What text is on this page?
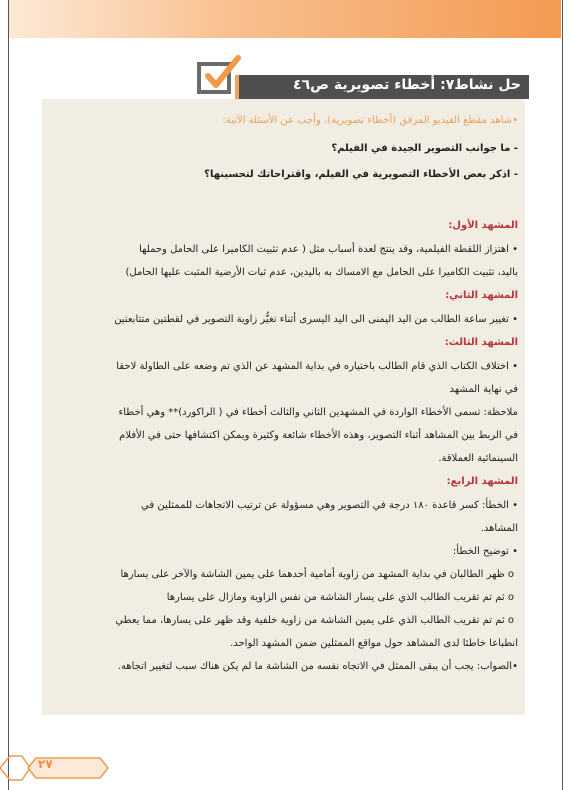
حل نشاط٧: أخطاء تصويرية ص٤٦

•شاهد مقطع الفيديو المرفق (أخطاء تصويرية)، وأجب عن الأسئلة الآتية:

- ما جوانب التصوير الجيدة في الفيلم؟

- اذكر بعض الأخطاء التصويرية في الفيلم، واقتراحاتك لتحسينها؟

المشهد الأول:

• اهتزاز اللقطة الفيلمية، وقد ينتج لعدة أسباب مثل ( عدم تثبيت الكاميرا على الحامل وحملها

باليد، تثبيت الكاميرا على الحامل مع الامساك به باليدين، عدم ثبات الأرضية المثبت عليها الحامل)

المشهد الثاني:

• تغيير ساعة الطالب من اليد اليمنى الى اليد اليسرى أثناء تغيُّر زاوية التصوير في لقطتين متتابعتين

المشهد الثالث:

• اختلاف الكتاب الذي قام الطالب باختياره في بداية المشهد عن الذي تم وضعه على الطاولة لاحقا

في نهاية المشهد

ملاحظة: تسمى الأخطاء الواردة في المشهدين الثاني والثالث أخطاء في ( الراكورد)** وهي أخطاء

في الربط بين المشاهد أثناء التصوير، وهذه الأخطاء شائعة وكثيرة ويمكن اكتشافها حتى في الأفلام

السينمائية العملاقة.

المشهد الرابع:

• الخطأ: كسر قاعدة ١٨٠ درجة في التصوير وهي مسؤولة عن ترتيب الاتجاهات للممثلين في

المشاهد.

• توضيح الخطأ:

o ظهر الطالبان في بداية المشهد من زاوية أمامية أحدهما على يمين الشاشة والآخر على يسارها

o ثم تم تقريب الطالب الذي على يسار الشاشة من نفس الزاوية ومازال على يسارها

o ثم تم تقريب الطالب الذي على يمين الشاشة من زاوية خلفية وقد ظهر على يسارها، مما يعطي

انطباعا خاطئا لدى المشاهد حول مواقع الممثلين ضمن المشهد الواحد.

•الصواب: يجب أن يبقى الممثل في الاتجاه نفسه من الشاشة ما لم يكن هناك سبب لتغيير اتجاهه.

٢٧
